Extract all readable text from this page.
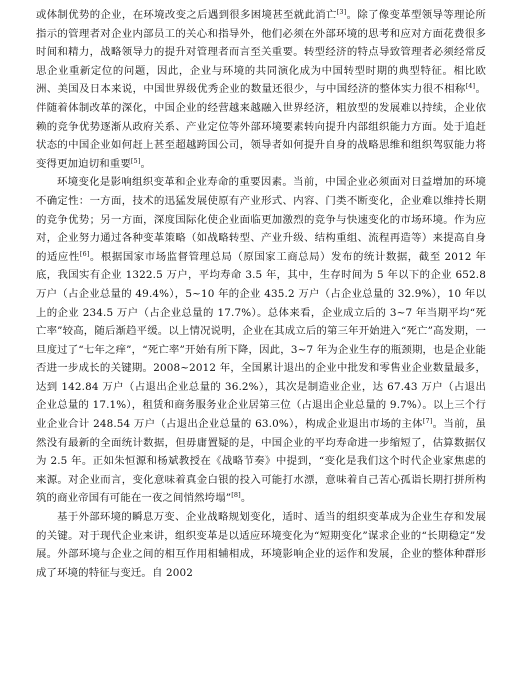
或体制优势的企业，在环境改变之后遇到很多困境甚至就此消亡[3]。除了像变革型领导等理论所指示的管理者对企业内部员工的关心和指导外，他们必须在外部环境的思考和应对方面花费很多时间和精力，战略领导力的提升对管理者而言至关重要。转型经济的特点导致管理者必须经常反思企业重新定位的问题，因此，企业与环境的共同演化成为中国转型时期的典型特征。相比欧洲、美国及日本来说，中国世界级优秀企业的数量还很少，与中国经济的整体实力很不相称[4]。伴随着体制改革的深化，中国企业的经营越来越融入世界经济，粗放型的发展难以持续，企业依赖的竞争优势逐渐从政府关系、产业定位等外部环境要素转向提升内部组织能力方面。处于追赶状态的中国企业如何赶上甚至超越跨国公司，领导者如何提升自身的战略思维和组织驾驭能力将变得更加迫切和重要[5]。

环境变化是影响组织变革和企业寿命的重要因素。当前，中国企业必须面对日益增加的环境不确定性：一方面，技术的迅猛发展使原有产业形式、内容、门类不断变化，企业难以维持长期的竞争优势；另一方面，深度国际化使企业面临更加激烈的竞争与快速变化的市场环境。作为应对，企业努力通过各种变革策略（如战略转型、产业升级、结构重组、流程再造等）来提高自身的适应性[6]。根据国家市场监督管理总局（原国家工商总局）发布的统计数据，截至 2012 年底，我国实有企业 1322.5 万户，平均寿命 3.5 年，其中，生存时间为 5 年以下的企业 652.8 万户（占企业总量的 49.4%），5~10 年的企业 435.2 万户（占企业总量的 32.9%），10 年以上的企业 234.5 万户（占企业总量的 17.7%）。总体来看，企业成立后的 3~7 年当期平均“死亡率”较高，随后渐趋平缓。以上情况说明，企业在其成立后的第三年开始进入“死亡”高发期，一旦度过了“七年之痒”，“死亡率”开始有所下降，因此，3~7 年为企业生存的瓶颈期，也是企业能否进一步成长的关键期。2008~2012 年，全国累计退出的企业中批发和零售业企业数量最多，达到 142.84 万户（占退出企业总量的 36.2%），其次是制造业企业，达 67.43 万户（占退出企业总量的 17.1%），租赁和商务服务业企业居第三位（占退出企业总量的 9.7%）。以上三个行业企业合计 248.54 万户（占退出企业总量的 63.0%），构成企业退出市场的主体[7]。当前，虽然没有最新的全面统计数据，但毋庸置疑的是，中国企业的平均寿命进一步缩短了，估算数据仅为 2.5 年。正如朱恒源和杨斌教授在《战略节奏》中提到，“变化是我们这个时代企业家焦虑的来源。对企业而言，变化意味着真金白银的投入可能打水漂，意味着自己苦心孤诣长期打拼所构筑的商业帝国有可能在一夜之间悄然垮塌”[8]。

基于外部环境的瞬息万变、企业战略规划变化，适时、适当的组织变革成为企业生存和发展的关键。对于现代企业来讲，组织变革是以适应环境变化为“短期变化”谋求企业的“长期稳定”发展。外部环境与企业之间的相互作用相辅相成，环境影响企业的运作和发展，企业的整体种群形成了环境的特征与变迁。自 2002
